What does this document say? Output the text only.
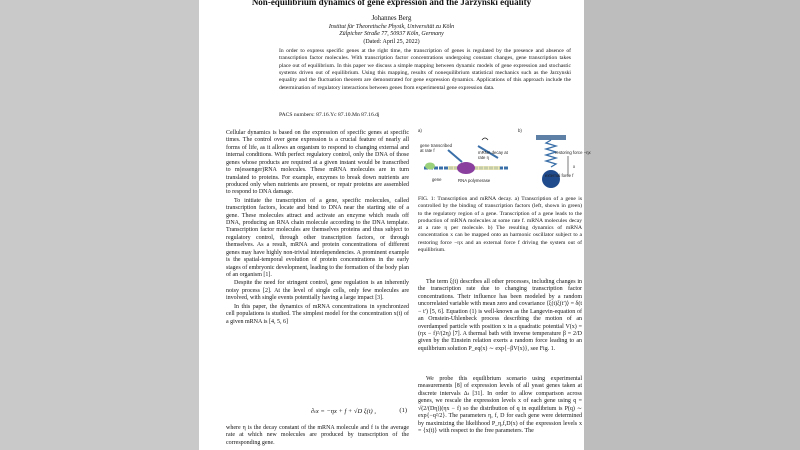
Non-equilibrium dynamics of gene expression and the Jarzynski equality
Johannes Berg
Institut für Theoretische Physik, Universität zu Köln
Zülpicher Straße 77, 50937 Köln, Germany
(Dated: April 25, 2022)
In order to express specific genes at the right time, the transcription of genes is regulated by the presence and absence of transcription factor molecules. With transcription factor concentrations undergoing constant changes, gene transcription takes place out of equilibrium. In this paper we discuss a simple mapping between dynamic models of gene expression and stochastic systems driven out of equilibrium. Using this mapping, results of nonequilibrium statistical mechanics such as the Jarzynski equality and the fluctuation theorem are demonstrated for gene expression dynamics. Applications of this approach include the determination of regulatory interactions between genes from experimental gene expression data.
PACS numbers: 87.16.Yc 87.10.Mn 87.16.dj

Cellular dynamics is based on the expression of specific genes at specific times. The control over gene expression is a crucial feature of nearly all forms of life, as it allows an organism to respond to changing external and internal conditions. With perfect regulatory control, only the DNA of those genes whose products are required at a given instant would be transcribed to m(essenger)RNA molecules. These mRNA molecules are in turn translated to proteins. For example, enzymes to break down nutrients are produced only when nutrients are present, or repair proteins are assembled to respond to DNA damage.

To initiate the transcription of a gene, specific molecules, called transcription factors, locate and bind to DNA near the starting site of a gene. These molecules attract and activate an enzyme which reads off DNA, producing an RNA chain molecule according to the DNA template. Transcription factor molecules are themselves proteins and thus subject to regulatory control, through other transcription factors, or through themselves. As a result, mRNA and protein concentrations of different genes may have highly non-trivial interdependencies. A prominent example is the spatial-temporal evolution of protein concentrations in the early stages of embryonic development, leading to the formation of the body plan of an organism [1].

Despite the need for stringent control, gene regulation is an inherently noisy process [2]. At the level of single cells, only few molecules are involved, with single events potentially having a large impact [3].

In this paper, the dynamics of mRNA concentrations in synchronized cell populations is studied. The simplest model for the concentration x(t) of a given mRNA is [4, 5, 6]

∂ₜx = −ηx + f + √D ξ(t) ,	(1)

where η is the decay constant of the mRNA molecule and f is the average rate at which new molecules are produced by transcription of the corresponding gene.

a)	b)
gene transcribed at rate f	mRNA decay at rate η
gene	RNA polymerase
restoring force −ηx
external force f
x
FIG. 1: Transcription and mRNA decay. a) Transcription of a gene is controlled by the binding of transcription factors (left, shown in green) to the regulatory region of a gene. Transcription of a gene leads to the production of mRNA molecules at some rate f. mRNA molecules decay at a rate η per molecule. b) The resulting dynamics of mRNA concentration x can be mapped onto an harmonic oscillator subject to a restoring force −ηx and an external force f driving the system out of equilibrium.

The term ξ(t) describes all other processes, including changes in the transcription rate due to changing transcription factor concentrations. Their influence has been modeled by a random uncorrelated variable with mean zero and covariance ⟨ξ(t)ξ(t′)⟩ = δ(t − t′) [5, 6]. Equation (1) is well-known as the Langevin-equation of an Ornstein-Uhlenbeck process describing the motion of an overdamped particle with position x in a quadratic potential V(x) = (ηx − f)²/(2η) [7]. A thermal bath with inverse temperature β = 2/D given by the Einstein relation exerts a random force leading to an equilibrium solution P_eq(x) ∼ exp{−βV(x)}, see Fig. 1.

We probe this equilibrium scenario using experimental measurements [8] of expression levels of all yeast genes taken at discrete intervals Δₜ [31]. In order to allow comparison across genes, we rescale the expression levels x of each gene using q = √(2/(Dη))(ηx − f) so the distribution of q in equilibrium is P(q) ∼ exp{−q²/2}. The parameters η, f, D for each gene were determined by maximizing the likelihood P_η,f,D(x) of the expression levels x = {x(t)} with respect to the free parameters. The
